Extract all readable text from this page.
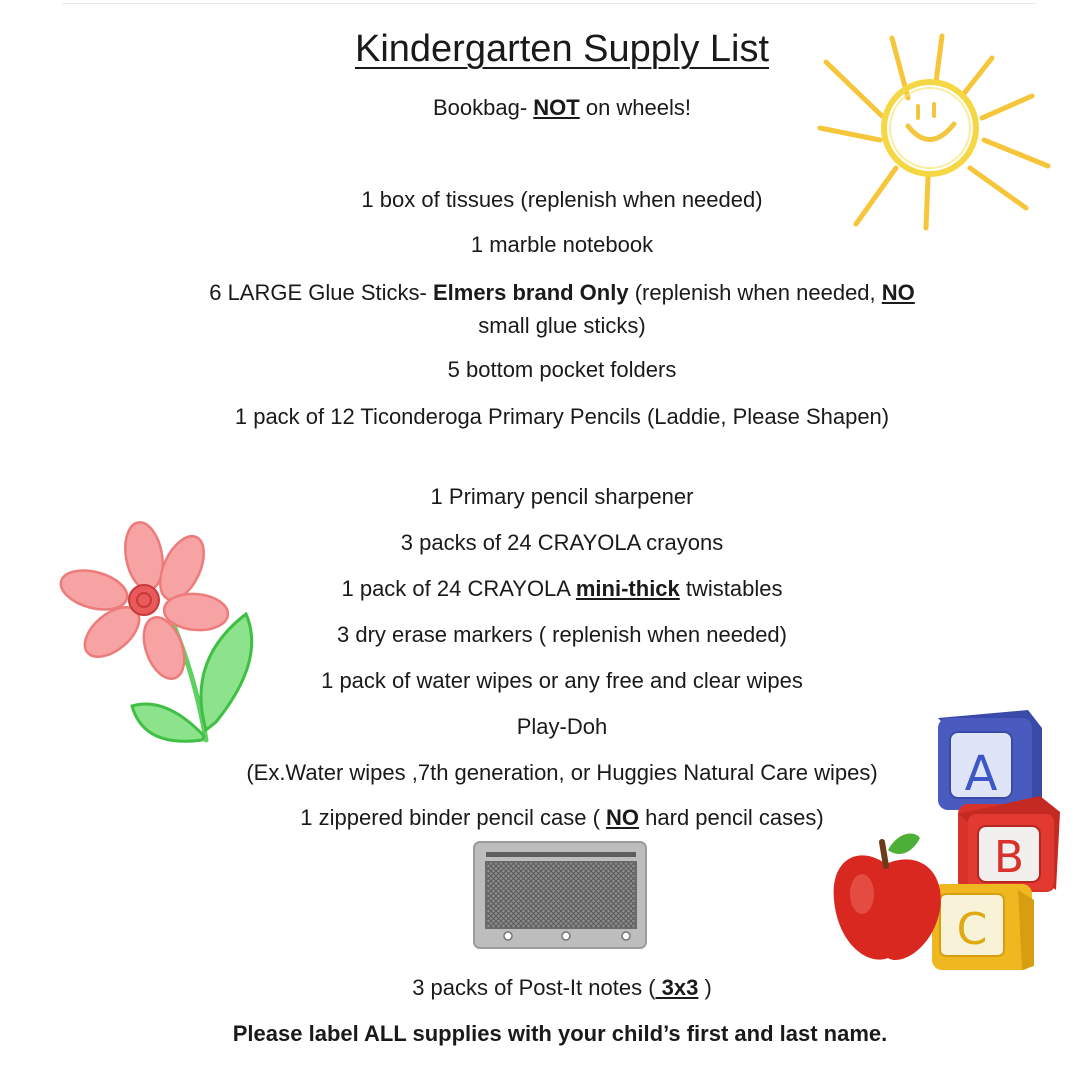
Kindergarten Supply List
Bookbag- NOT on wheels!
1 box of tissues (replenish when needed)
1 marble notebook
6 LARGE Glue Sticks- Elmers brand Only (replenish when needed, NO small glue sticks)
5 bottom pocket folders
1 pack of 12 Ticonderoga Primary Pencils (Laddie, Please Shapen)
1 Primary pencil sharpener
3 packs of 24 CRAYOLA crayons
1 pack of 24 CRAYOLA mini-thick twistables
3 dry erase markers ( replenish when needed)
1 pack of water wipes or any free and clear wipes
Play-Doh
(Ex.Water wipes ,7th generation, or Huggies Natural Care wipes)
1 zippered binder pencil case ( NO hard pencil cases)
3 packs of Post-It notes ( 3x3 )
Please label ALL supplies with your child’s first and last name.
A
B
C
